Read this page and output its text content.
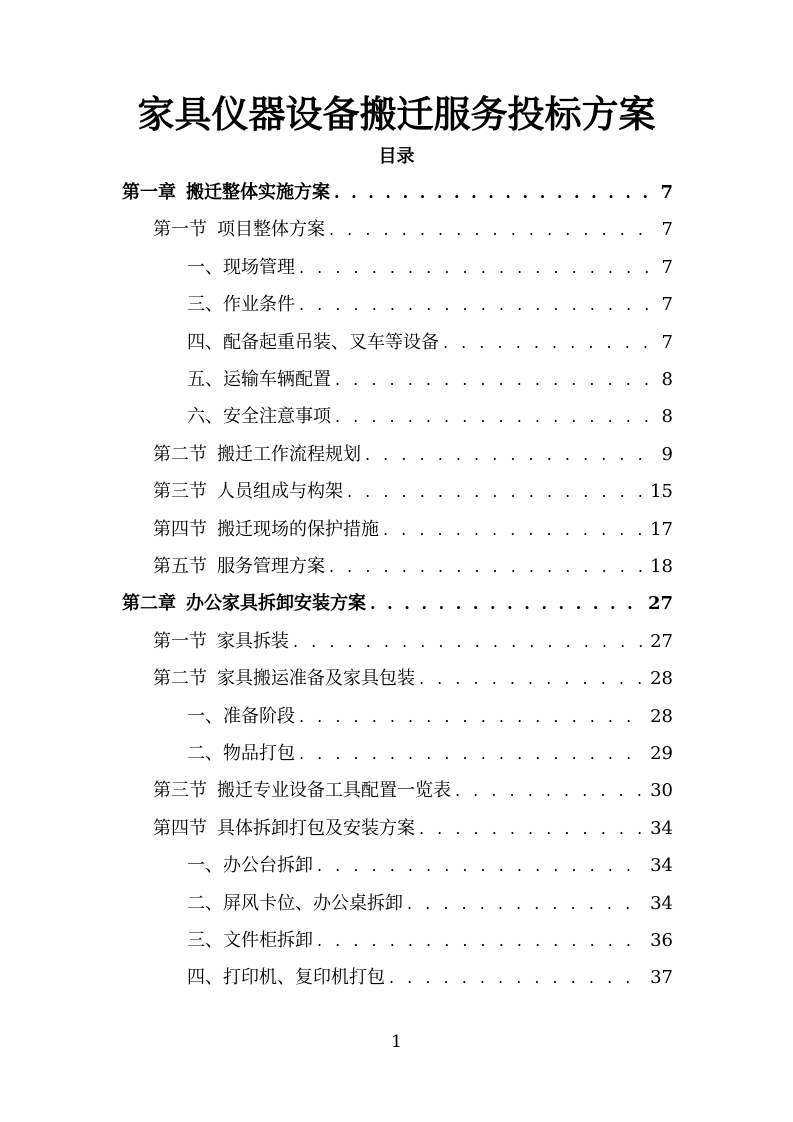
家具仪器设备搬迁服务投标方案
目录
第一章 搬迁整体实施方案 . . .	7
第一节 项目整体方案 . . .	7
一、现场管理 . . .	7
三、作业条件 . . .	7
四、配备起重吊装、叉车等设备 . . .	7
五、运输车辆配置 . . .	8
六、安全注意事项 . . .	8
第二节 搬迁工作流程规划 . . .	9
第三节 人员组成与构架 . . .	15
第四节 搬迁现场的保护措施 . . .	17
第五节 服务管理方案 . . .	18
第二章 办公家具拆卸安装方案 . . .	27
第一节 家具拆装 . . .	27
第二节 家具搬运准备及家具包装 . . .	28
一、准备阶段 . . .	28
二、物品打包 . . .	29
第三节 搬迁专业设备工具配置一览表 . . .	30
第四节 具体拆卸打包及安装方案 . . .	34
一、办公台拆卸 . . .	34
二、屏风卡位、办公桌拆卸 . . .	34
三、文件柜拆卸 . . .	36
四、打印机、复印机打包 . . .	37
1
